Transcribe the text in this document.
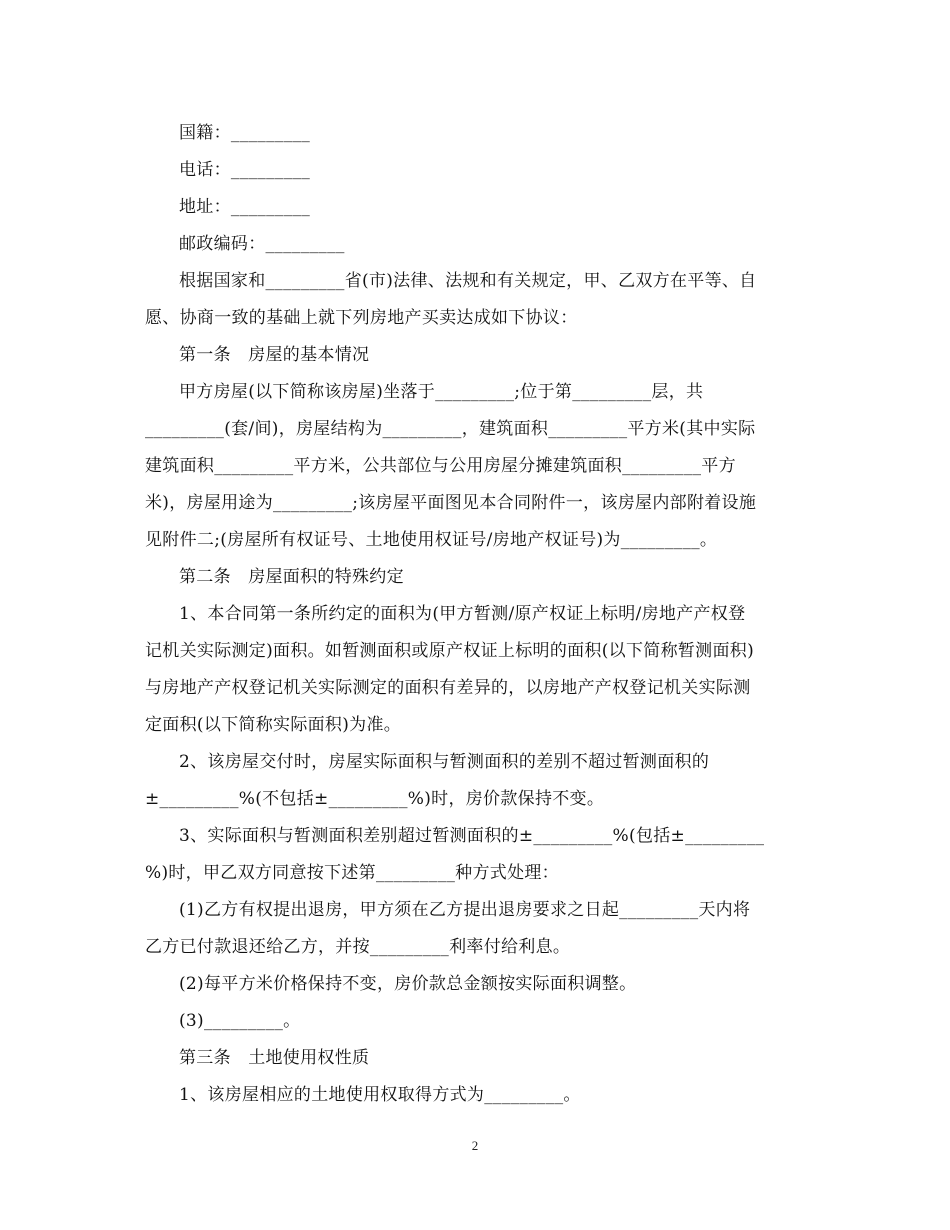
国籍：_________
电话：_________
地址：_________
邮政编码：_________
根据国家和_________省(市)法律、法规和有关规定，甲、乙双方在平等、自
愿、协商一致的基础上就下列房地产买卖达成如下协议：
第一条　房屋的基本情况
甲方房屋(以下简称该房屋)坐落于_________;位于第_________层，共
_________(套/间)，房屋结构为_________，建筑面积_________平方米(其中实际
建筑面积_________平方米，公共部位与公用房屋分摊建筑面积_________平方
米)，房屋用途为_________;该房屋平面图见本合同附件一，该房屋内部附着设施
见附件二;(房屋所有权证号、土地使用权证号/房地产权证号)为_________。
第二条　房屋面积的特殊约定
1、本合同第一条所约定的面积为(甲方暂测/原产权证上标明/房地产产权登
记机关实际测定)面积。如暂测面积或原产权证上标明的面积(以下简称暂测面积)
与房地产产权登记机关实际测定的面积有差异的，以房地产产权登记机关实际测
定面积(以下简称实际面积)为准。
2、该房屋交付时，房屋实际面积与暂测面积的差别不超过暂测面积的
±_________%(不包括±_________%)时，房价款保持不变。
3、实际面积与暂测面积差别超过暂测面积的±_________%(包括±_________
%)时，甲乙双方同意按下述第_________种方式处理：
(1)乙方有权提出退房，甲方须在乙方提出退房要求之日起_________天内将
乙方已付款退还给乙方，并按_________利率付给利息。
(2)每平方米价格保持不变，房价款总金额按实际面积调整。
(3)_________。
第三条　土地使用权性质
1、该房屋相应的土地使用权取得方式为_________。
2
